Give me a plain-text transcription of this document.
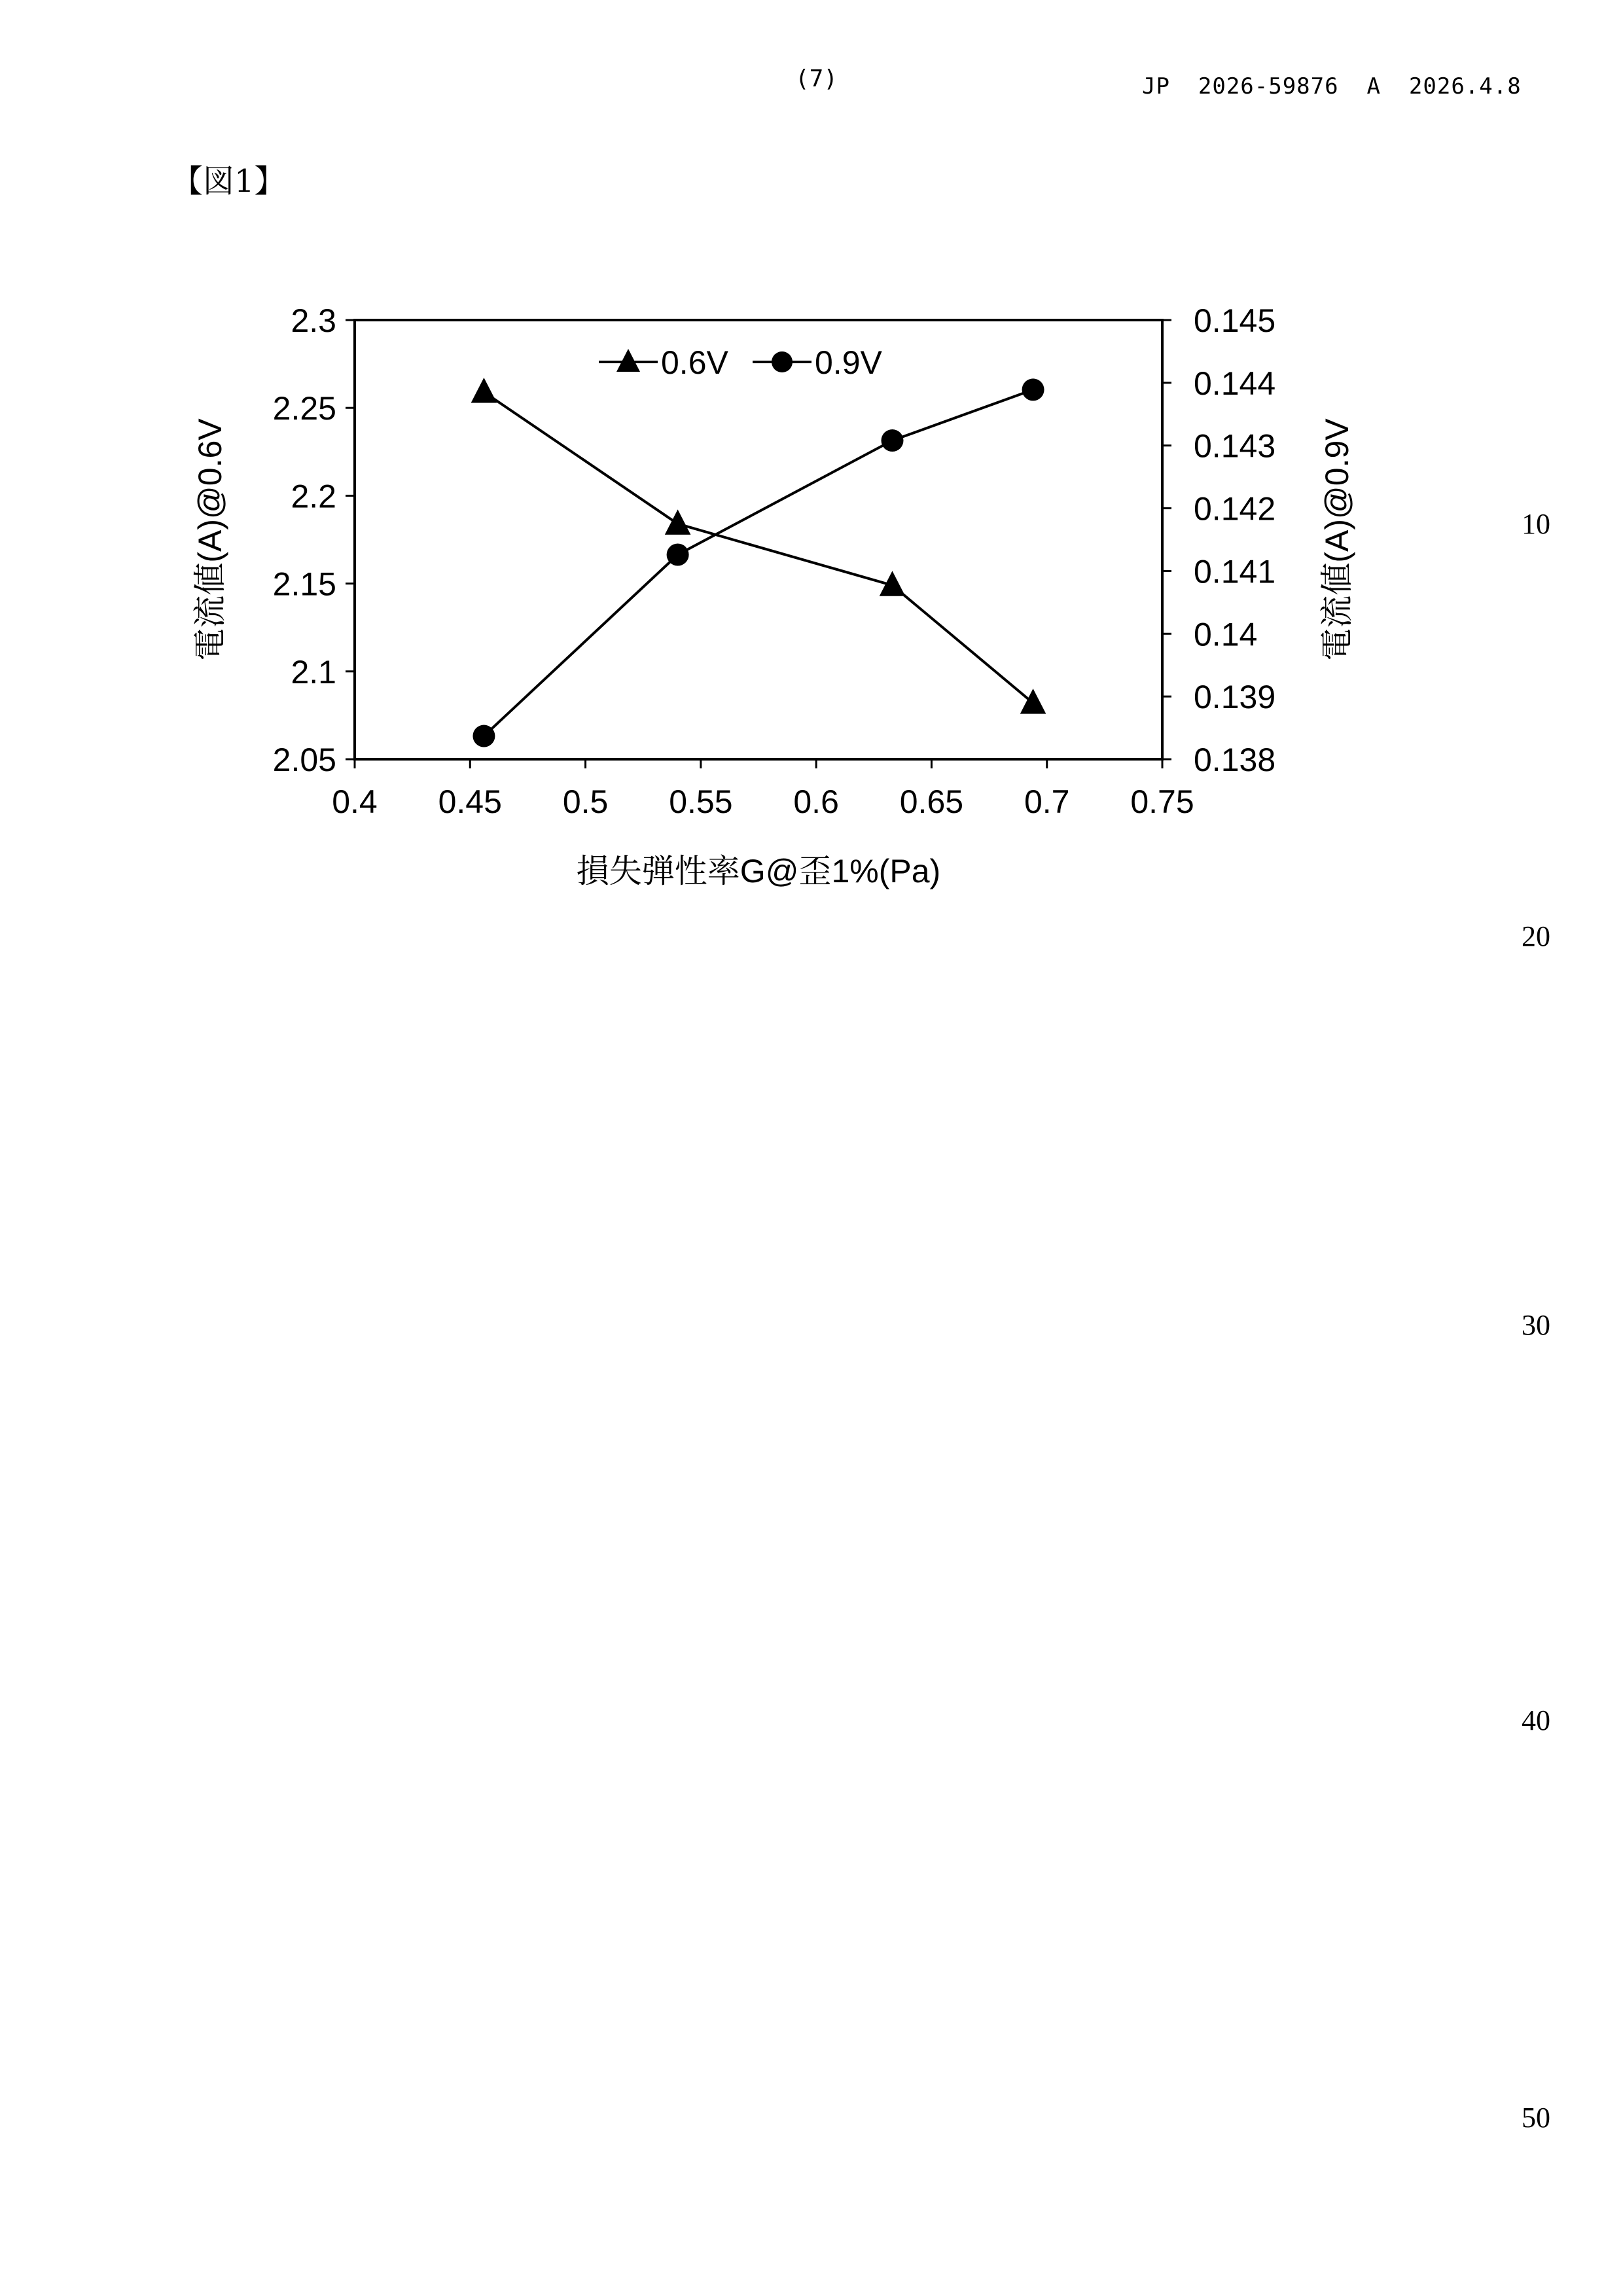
(7)	JP  2026-59876  A  2026.4.8
【図1】
10
20
30
40
50
0.4 0.45 0.5 0.55 0.6 0.65 0.7 0.75
2.05
2.1
2.15
2.2
2.25
2.3
0.138
0.139
0.14
0.141
0.142
0.143
0.144
0.145
損失弾性率G@歪1%(Pa)
電流値(A)@0.6V	電流値(A)@0.9V
0.6V	0.9V
